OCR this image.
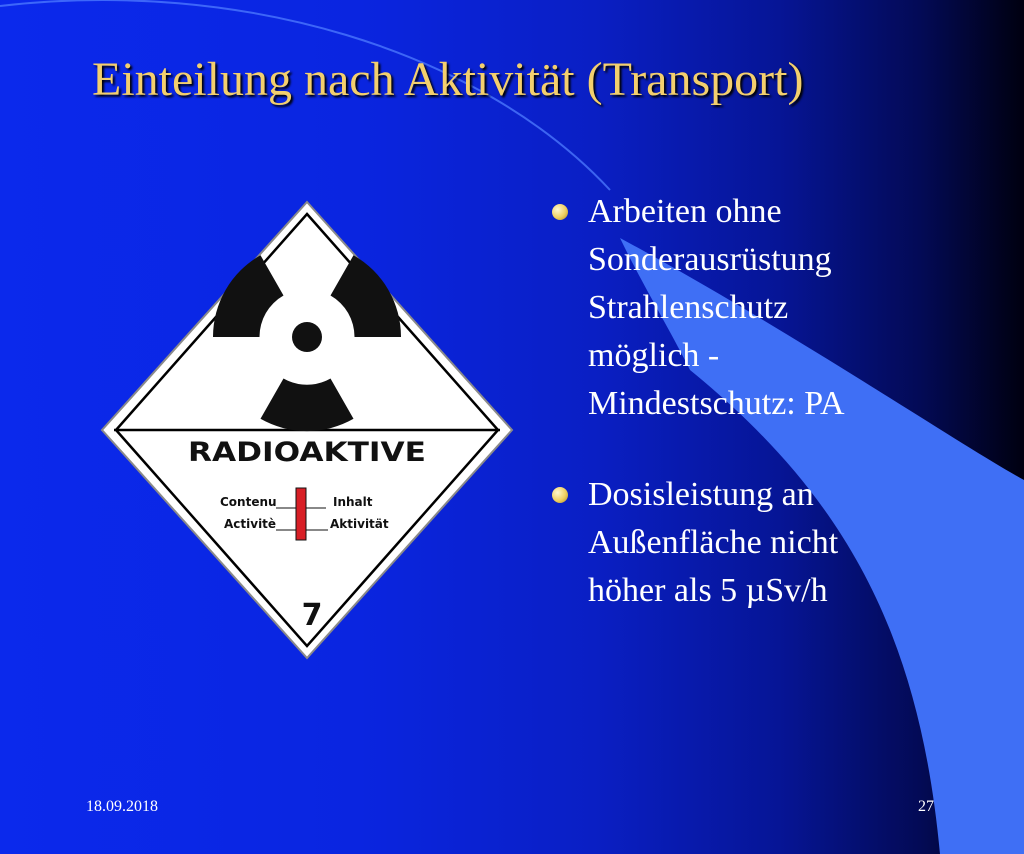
Einteilung nach Aktivität (Transport)
RADIOAKTIVE
Contenu	Inhalt
Activitè	Aktivität
7
Arbeiten ohne
Sonderausrüstung
Strahlenschutz
möglich -
Mindestschutz: PA
Dosisleistung an
Außenfläche nicht
höher als 5 µSv/h
18.09.2018	27
